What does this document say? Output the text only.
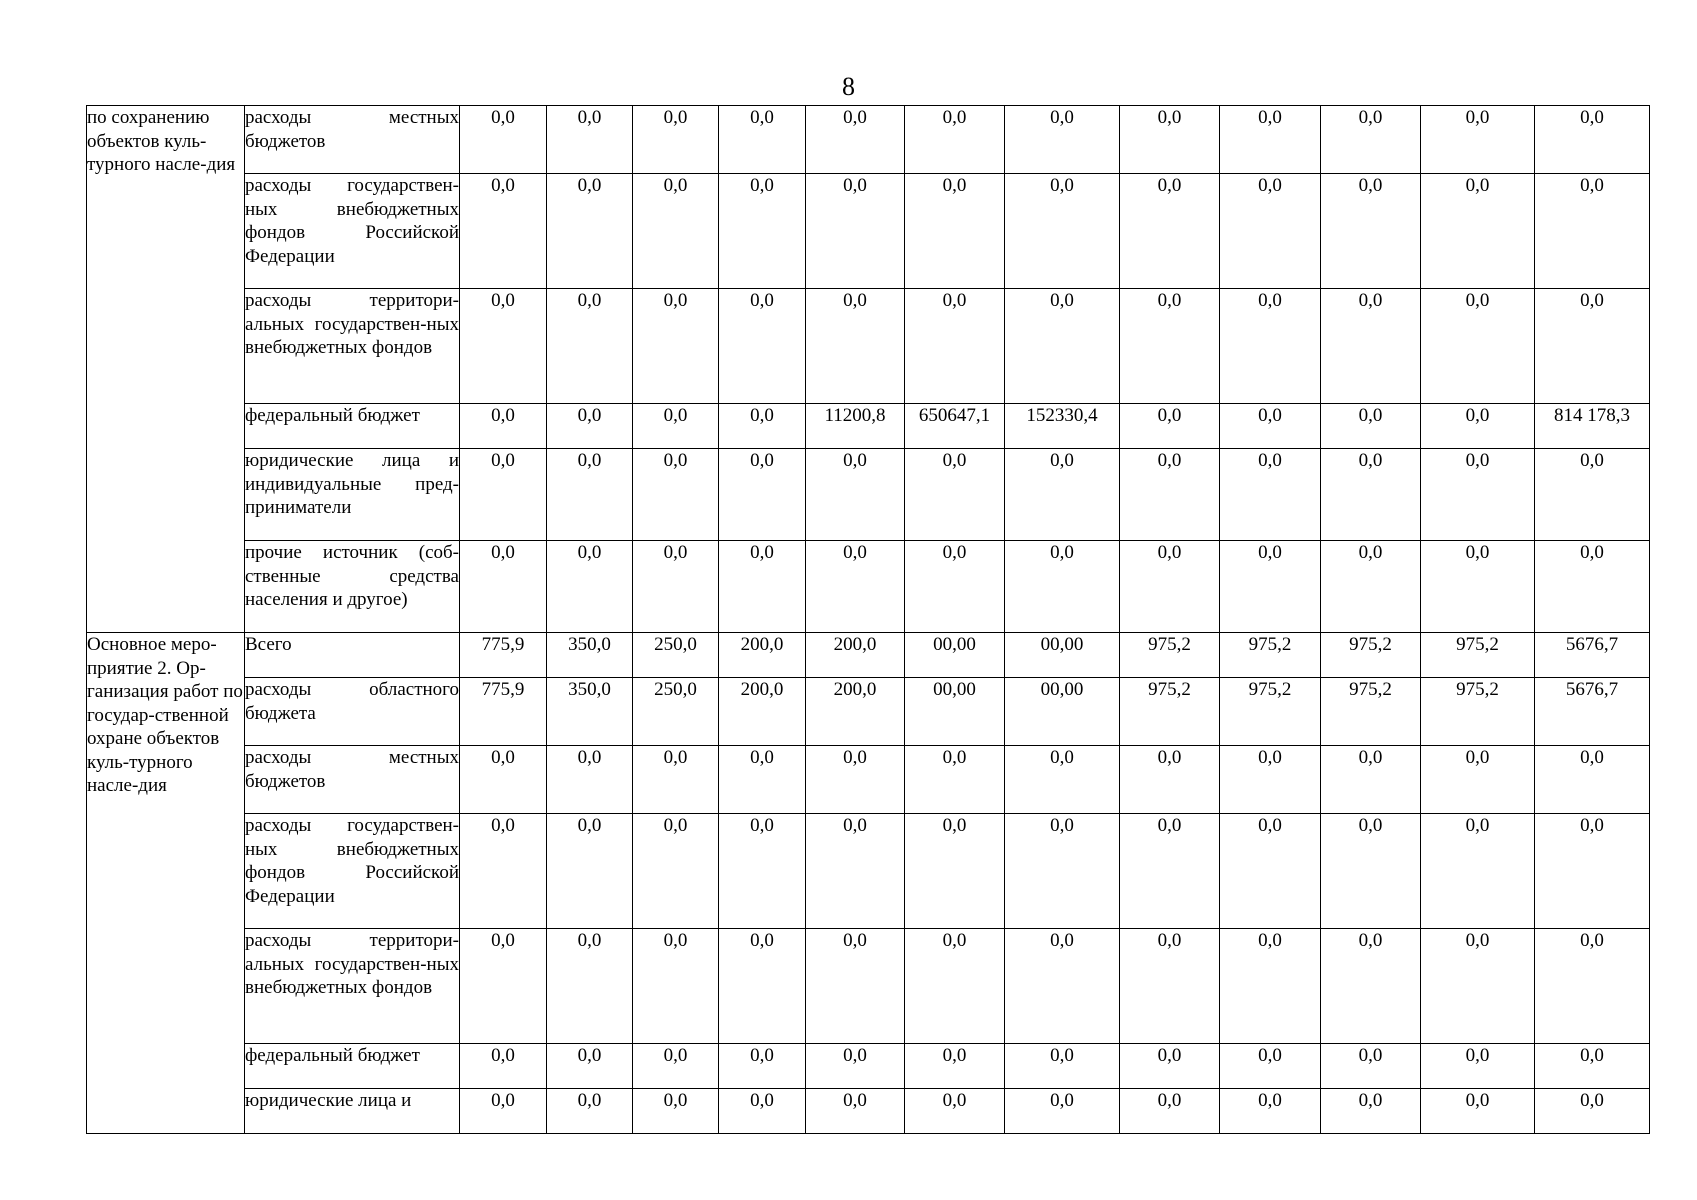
8
по сохранению объектов куль-турного насле-дия	расходы местных бюджетов	0,0	0,0	0,0	0,0	0,0	0,0	0,0	0,0	0,0	0,0	0,0	0,0
	расходы государствен-ных внебюджетных фондов Российской Федерации	0,0	0,0	0,0	0,0	0,0	0,0	0,0	0,0	0,0	0,0	0,0	0,0
	расходы территори-альных государствен-ных внебюджетных фондов	0,0	0,0	0,0	0,0	0,0	0,0	0,0	0,0	0,0	0,0	0,0	0,0
	федеральный бюджет	0,0	0,0	0,0	0,0	11200,8	650647,1	152330,4	0,0	0,0	0,0	0,0	814 178,3
	юридические лица и индивидуальные пред-приниматели	0,0	0,0	0,0	0,0	0,0	0,0	0,0	0,0	0,0	0,0	0,0	0,0
	прочие источник (соб-ственные средства населения и другое)	0,0	0,0	0,0	0,0	0,0	0,0	0,0	0,0	0,0	0,0	0,0	0,0
Основное меро-приятие 2. Ор-ганизация работ по государ-ственной охране объектов куль-турного насле-дия	Всего	775,9	350,0	250,0	200,0	200,0	00,00	00,00	975,2	975,2	975,2	975,2	5676,7
	расходы областного бюджета	775,9	350,0	250,0	200,0	200,0	00,00	00,00	975,2	975,2	975,2	975,2	5676,7
	расходы местных бюджетов	0,0	0,0	0,0	0,0	0,0	0,0	0,0	0,0	0,0	0,0	0,0	0,0
	расходы государствен-ных внебюджетных фондов Российской Федерации	0,0	0,0	0,0	0,0	0,0	0,0	0,0	0,0	0,0	0,0	0,0	0,0
	расходы территори-альных государствен-ных внебюджетных фондов	0,0	0,0	0,0	0,0	0,0	0,0	0,0	0,0	0,0	0,0	0,0	0,0
	федеральный бюджет	0,0	0,0	0,0	0,0	0,0	0,0	0,0	0,0	0,0	0,0	0,0	0,0
	юридические лица и	0,0	0,0	0,0	0,0	0,0	0,0	0,0	0,0	0,0	0,0	0,0	0,0
